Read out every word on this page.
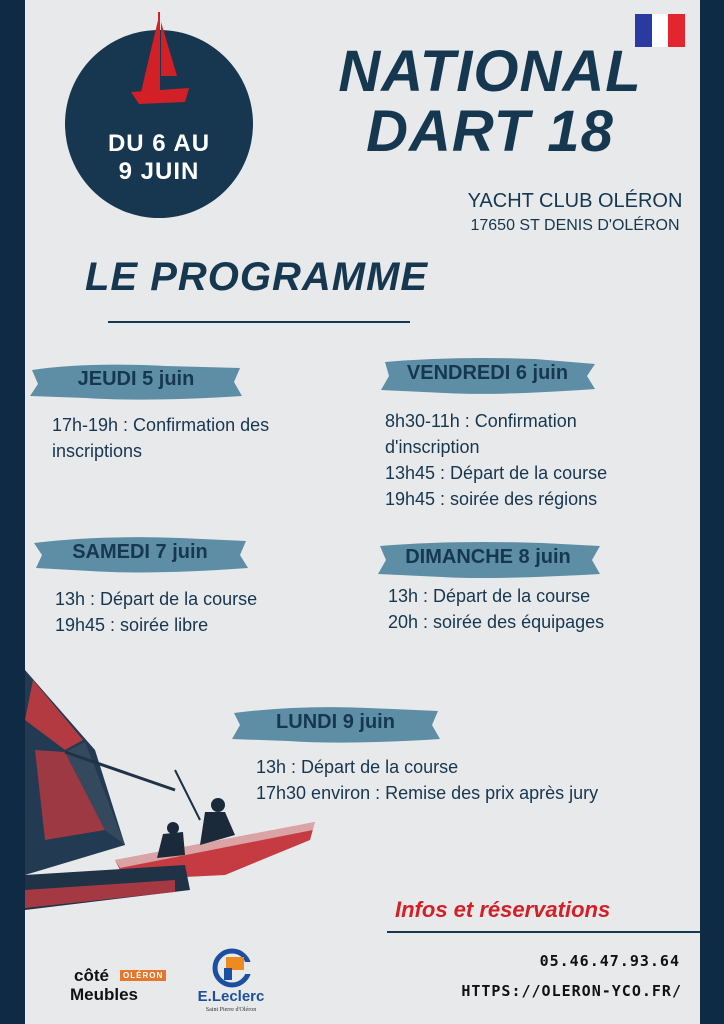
DU 6 AU
9 JUIN
NATIONAL
DART 18
YACHT CLUB OLÉRON
17650 ST DENIS D'OLÉRON
LE PROGRAMME
JEUDI 5 juin
17h-19h : Confirmation des
inscriptions
VENDREDI 6 juin
8h30-11h : Confirmation
d'inscription
13h45 : Départ de la course
19h45 : soirée des régions
SAMEDI 7 juin
13h : Départ de la course
19h45 : soirée libre
DIMANCHE 8 juin
13h : Départ de la course
20h : soirée des équipages
LUNDI 9 juin
13h : Départ de la course
17h30 environ : Remise des prix après jury
Infos et réservations
05.46.47.93.64
HTTPS://OLERON-YCO.FR/
côté	OLÉRON
Meubles	E.Leclerc
Saint Pierre d'Oléron
